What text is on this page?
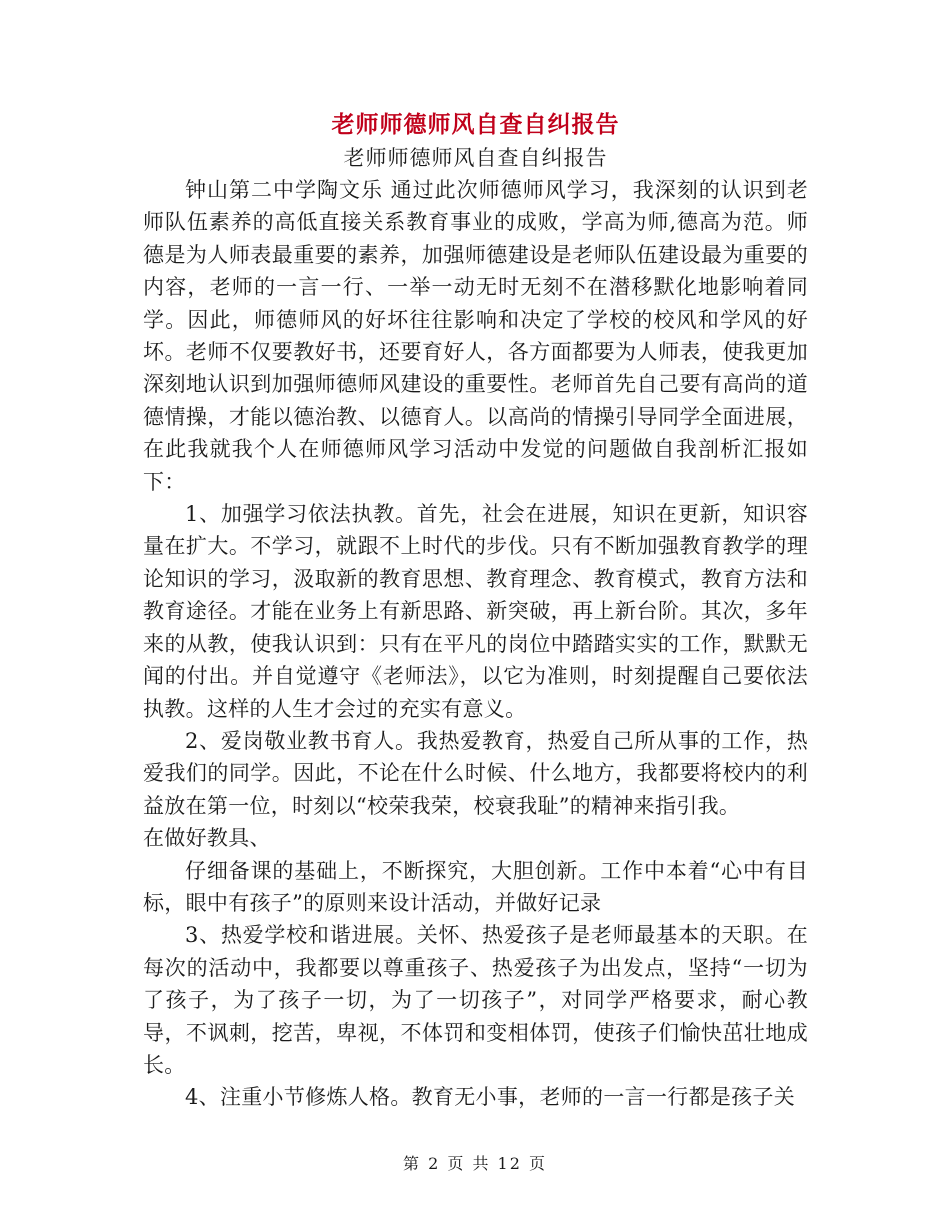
老师师德师风自查自纠报告

老师师德师风自查自纠报告

钟山第二中学陶文乐 通过此次师德师风学习，我深刻的认识到老师队伍素养的高低直接关系教育事业的成败，学高为师,德高为范。师德是为人师表最重要的素养，加强师德建设是老师队伍建设最为重要的内容，老师的一言一行、一举一动无时无刻不在潜移默化地影响着同学。因此，师德师风的好坏往往影响和决定了学校的校风和学风的好坏。老师不仅要教好书，还要育好人，各方面都要为人师表，使我更加深刻地认识到加强师德师风建设的重要性。老师首先自己要有高尚的道德情操，才能以德治教、以德育人。以高尚的情操引导同学全面进展，在此我就我个人在师德师风学习活动中发觉的问题做自我剖析汇报如下：

1、加强学习依法执教。首先，社会在进展，知识在更新，知识容量在扩大。不学习，就跟不上时代的步伐。只有不断加强教育教学的理论知识的学习，汲取新的教育思想、教育理念、教育模式，教育方法和教育途径。才能在业务上有新思路、新突破，再上新台阶。其次，多年来的从教，使我认识到：只有在平凡的岗位中踏踏实实的工作，默默无闻的付出。并自觉遵守《老师法》，以它为准则，时刻提醒自己要依法执教。这样的人生才会过的充实有意义。

2、爱岗敬业教书育人。我热爱教育，热爱自己所从事的工作，热爱我们的同学。因此，不论在什么时候、什么地方，我都要将校内的利益放在第一位，时刻以“校荣我荣，校衰我耻”的精神来指引我。

在做好教具、

仔细备课的基础上，不断探究，大胆创新。工作中本着“心中有目标，眼中有孩子”的原则来设计活动，并做好记录

3、热爱学校和谐进展。关怀、热爱孩子是老师最基本的天职。在每次的活动中，我都要以尊重孩子、热爱孩子为出发点，坚持“一切为了孩子，为了孩子一切，为了一切孩子”，对同学严格要求，耐心教导，不讽刺，挖苦，卑视，不体罚和变相体罚，使孩子们愉快茁壮地成长。

4、注重小节修炼人格。教育无小事，老师的一言一行都是孩子关

第 2 页 共 12 页
